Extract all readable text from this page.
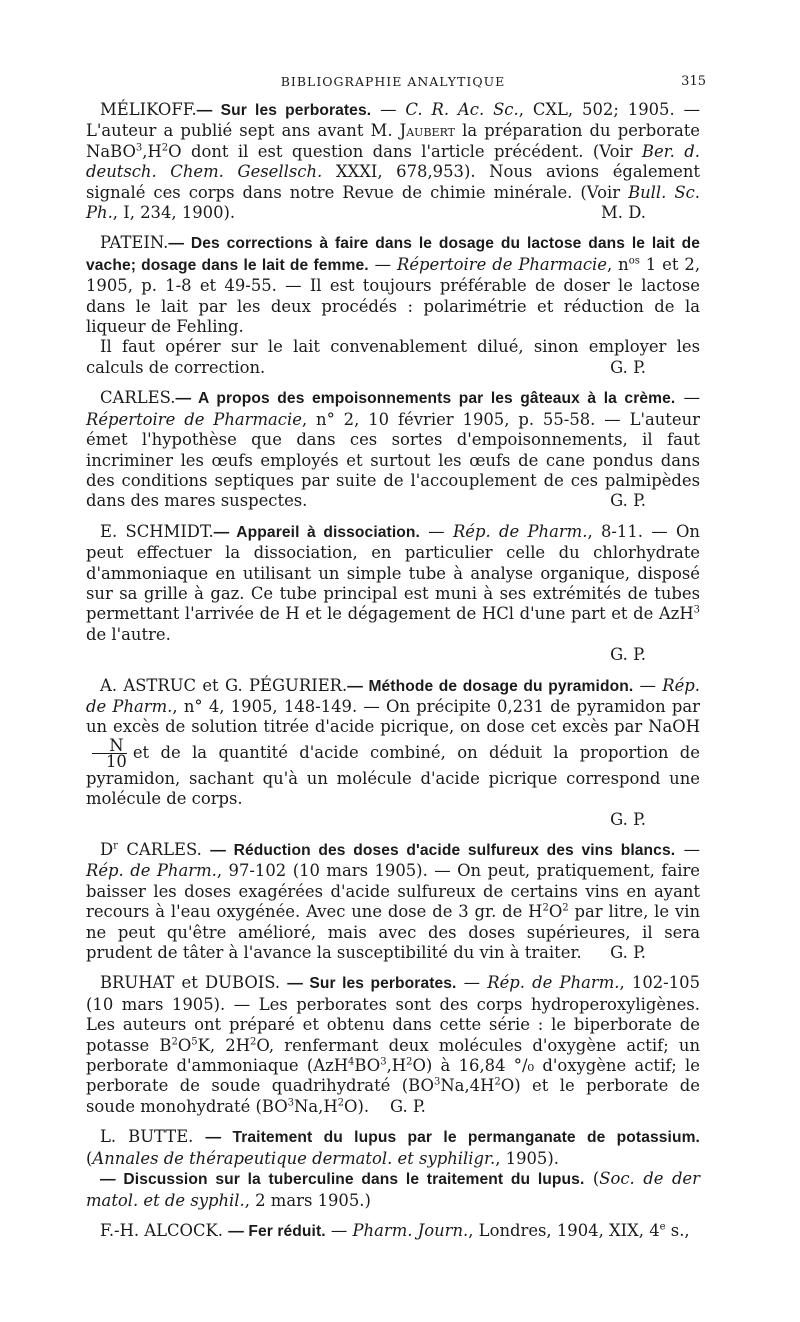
BIBLIOGRAPHIE ANALYTIQUE	315

MÉLIKOFF.— Sur les perborates. — C. R. Ac. Sc., CXL, 502; 1905. — L'auteur a publié sept ans avant M. Jaubert la préparation du perborate $NaBO^3,H^2O$ dont il est question dans l'article précédent. (Voir Ber. d. deutsch. Chem. Gesellsch. XXXI, 678,953). Nous avions également signalé ces corps dans notre Revue de chimie minérale. (Voir Bull. Sc. Ph., I, 234, 1900).	M. D.

PATEIN.— Des corrections à faire dans le dosage du lactose dans le lait de vache; dosage dans le lait de femme. — Répertoire de Pharmacie, $n^{os}$ 1 et 2, 1905, p. 1-8 et 49-55. — Il est toujours préférable de doser le lactose dans le lait par les deux procédés : polarimétrie et réduction de la liqueur de Fehling.

Il faut opérer sur le lait convenablement dilué, sinon employer les calculs de correction.	G. P.

CARLES.— A propos des empoisonnements par les gâteaux à la crème. — Répertoire de Pharmacie, n° 2, 10 février 1905, p. 55-58. — L'auteur émet l'hypothèse que dans ces sortes d'empoisonnements, il faut incriminer les œufs employés et surtout les œufs de cane pondus dans des conditions septiques par suite de l'accouplement de ces palmipèdes dans des mares suspectes.	G. P.

E. SCHMIDT.— Appareil à dissociation. — Rép. de Pharm., 8-11. — On peut effectuer la dissociation, en particulier celle du chlorhydrate d'ammoniaque en utilisant un simple tube à analyse organique, disposé sur sa grille à gaz. Ce tube principal est muni à ses extrémités de tubes permettant l'arrivée de H et le dégagement de HCl d'une part et de AzH$^3$ de l'autre.

G. P.

A. ASTRUC et G. PÉGURIER.— Méthode de dosage du pyramidon. — Rép. de Pharm., n° 4, 1905, 148-149. — On précipite 0,231 de pyramidon par un excès de solution titrée d'acide picrique, on dose cet excès par NaOH
$\frac{N}{10}$ et de la quantité d'acide combiné, on déduit la proportion de pyramidon, sachant qu'à un molécule d'acide picrique correspond une molécule de corps.

G. P.

$D^r$ CARLES. — Réduction des doses d'acide sulfureux des vins blancs. — Rép. de Pharm., 97-102 (10 mars 1905). — On peut, pratiquement, faire baisser les doses exagérées d'acide sulfureux de certains vins en ayant recours à l'eau oxygénée. Avec une dose de 3 gr. de $H^2O^2$ par litre, le vin ne peut qu'être amélioré, mais avec des doses supérieures, il sera prudent de tâter à l'avance la susceptibilité du vin à traiter.	G. P.

BRUHAT et DUBOIS. — Sur les perborates. — Rép. de Pharm., 102-105 (10 mars 1905). — Les perborates sont des corps hydroperoxyligènes. Les auteurs ont préparé et obtenu dans cette série : le biperborate de potasse $B^2O^5K$, $2H^2O$, renfermant deux molécules d'oxygène actif; un perborate d'ammoniaque $(AzH^4BO^3,H^2O)$ à 16,84 °/₀ d'oxygène actif; le perborate de soude quadrihydraté $(BO^3Na,4H^2O)$ et le perborate de soude monohydraté $(BO^3Na,H^2O)$. G. P.

L. BUTTE. — Traitement du lupus par le permanganate de potassium. (Annales de thérapeutique dermatol. et syphiligr., 1905).

— Discussion sur la tuberculine dans le traitement du lupus. (Soc. de der matol. et de syphil., 2 mars 1905.)

F.-H. ALCOCK. — Fer réduit. — Pharm. Journ., Londres, 1904, XIX, 4e s.,
